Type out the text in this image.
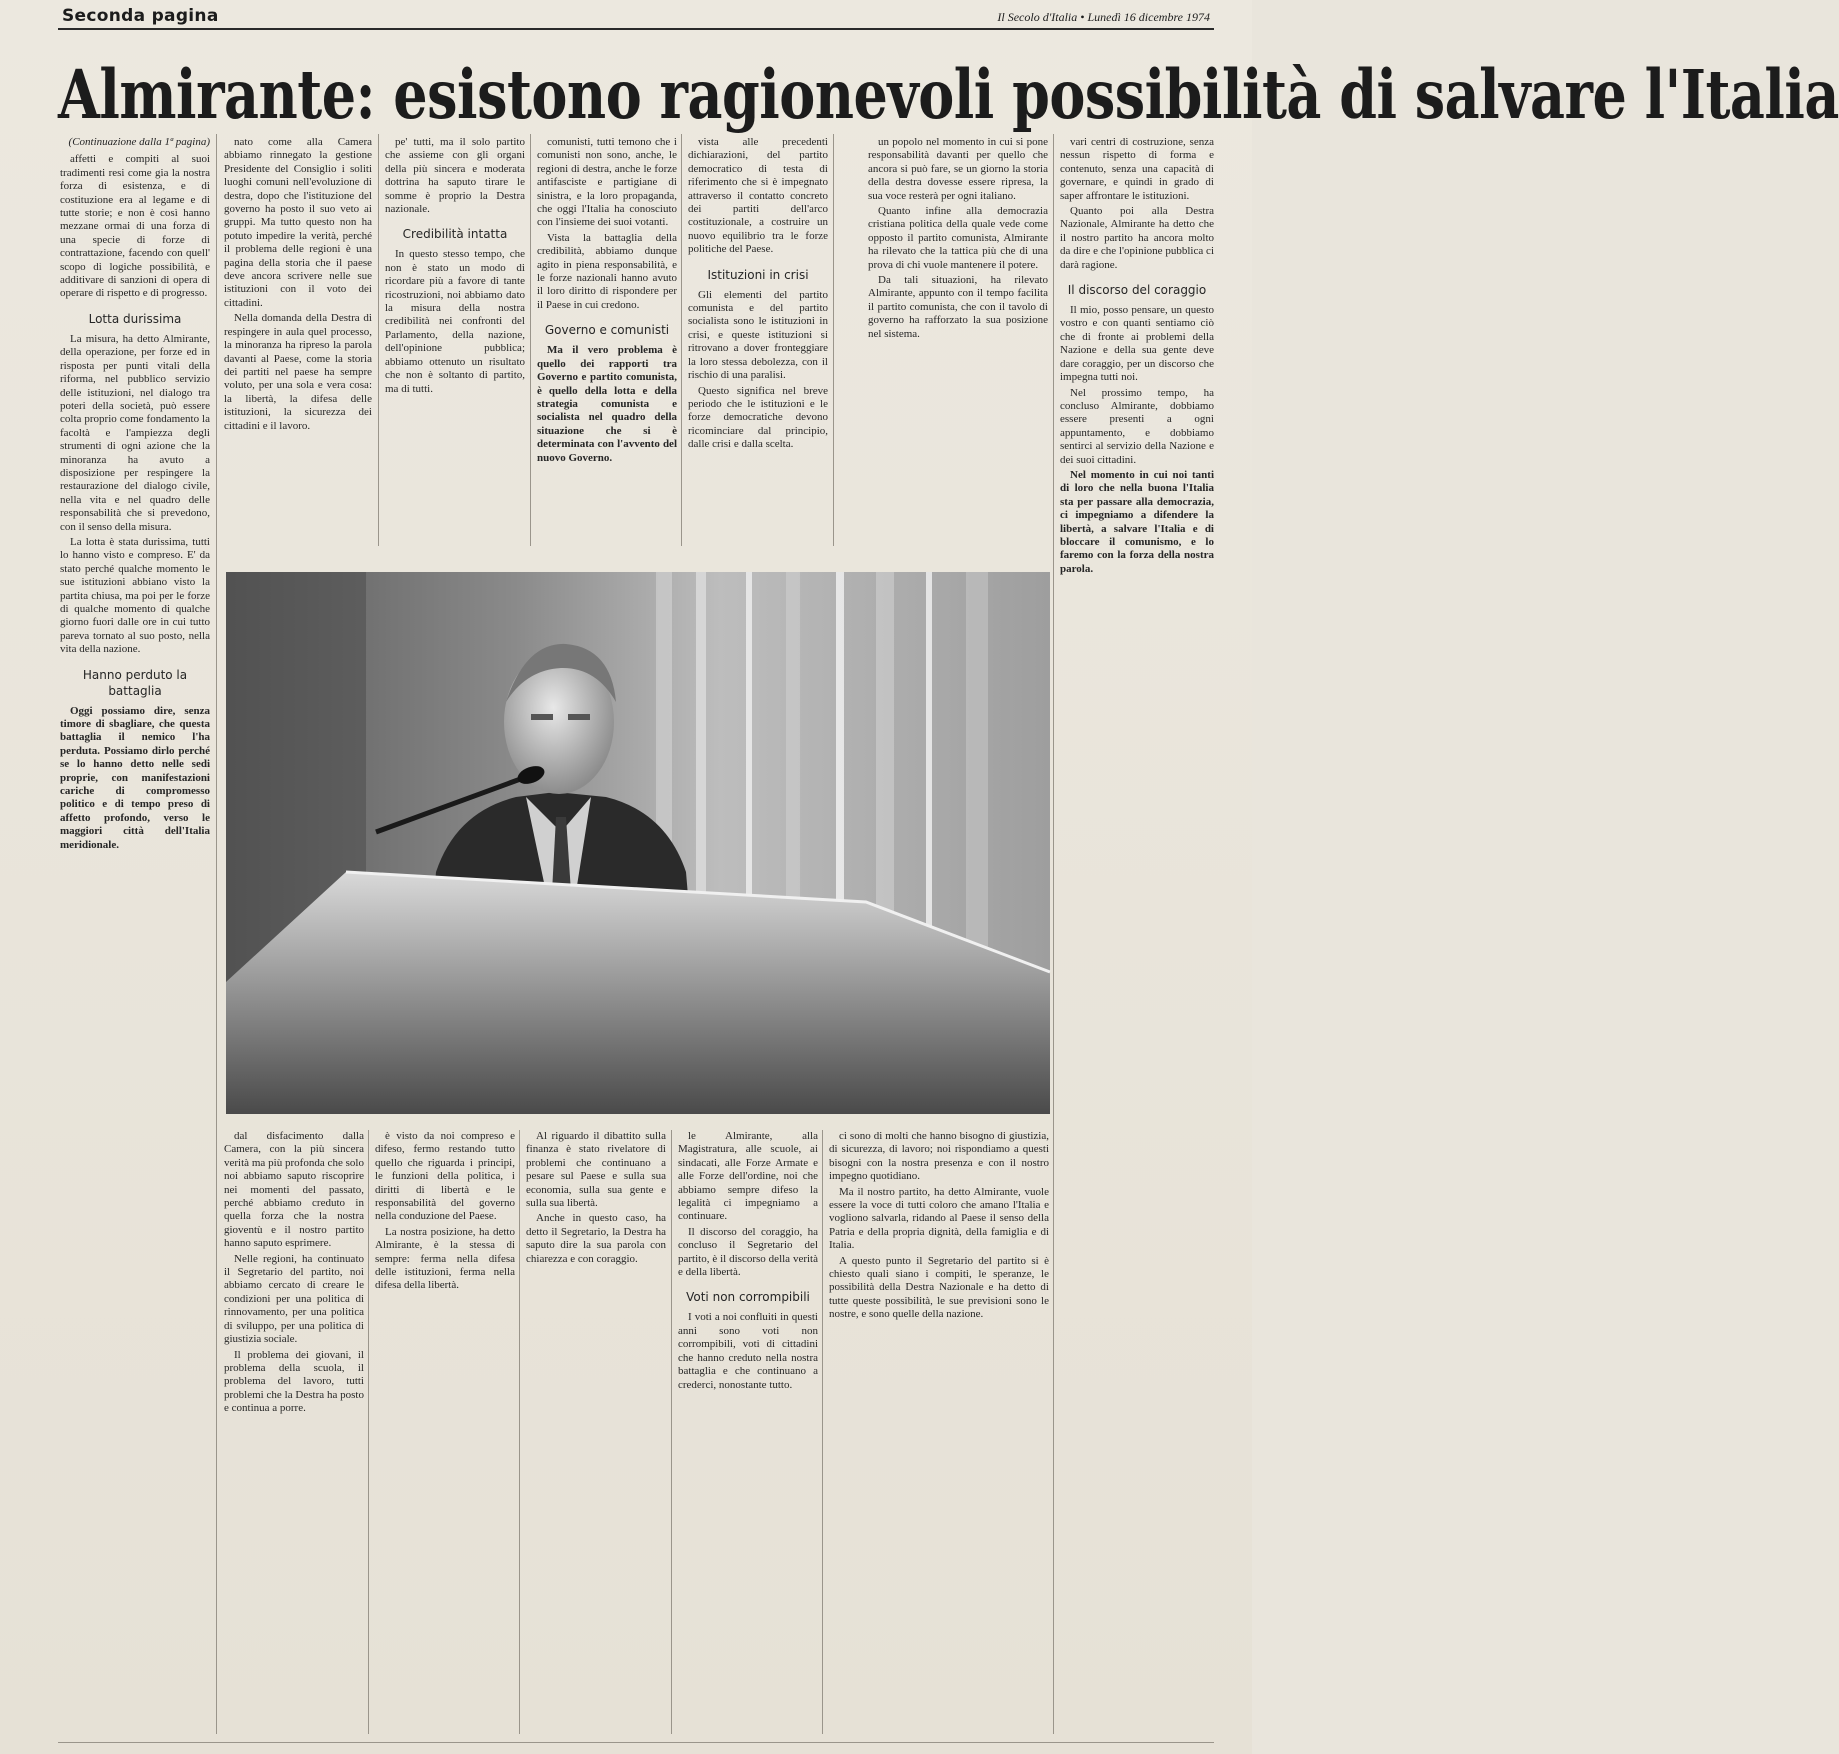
Seconda pagina	Il Secolo d'Italia • Lunedì 16 dicembre 1974
Almirante: esistono ragionevoli possibilità di salvare l'Italia

(Continuazione dalla 1ª pagina)

affetti e compiti al suoi tradimenti resi come gia la nostra forza di esistenza, e di costituzione era al legame e di tutte storie; e non è così hanno mezzane ormai di una forza di una specie di forze di contrattazione, facendo con quell' scopo di logiche possibilità, e additivare di sanzioni di opera di operare di rispetto e di progresso.

Lotta durissima

La misura, ha detto Almirante, della operazione, per forze ed in risposta per punti vitali della riforma, nel pubblico servizio delle istituzioni, nel dialogo tra poteri della società, può essere colta proprio come fondamento la facoltà e l'ampiezza degli strumenti di ogni azione che la minoranza ha avuto a disposizione per respingere la restaurazione del dialogo civile, nella vita e nel quadro delle responsabilità che si prevedono, con il senso della misura.

La lotta è stata durissima, tutti lo hanno visto e compreso. E' da stato perché qualche momento le sue istituzioni abbiano visto la partita chiusa, ma poi per le forze di qualche momento di qualche giorno fuori dalle ore in cui tutto pareva tornato al suo posto, nella vita della nazione.

Hanno perduto la battaglia

Oggi possiamo dire, senza timore di sbagliare, che questa battaglia il nemico l'ha perduta. Possiamo dirlo perché se lo hanno detto nelle sedi proprie, con manifestazioni cariche di compromesso politico e di tempo preso di affetto profondo, verso le maggiori città dell'Italia meridionale.

nato come alla Camera abbiamo rinnegato la gestione Presidente del Consiglio i soliti luoghi comuni nell'evoluzione di destra, dopo che l'istituzione del governo ha posto il suo veto ai gruppi. Ma tutto questo non ha potuto impedire la verità, perché il problema delle regioni è una pagina della storia che il paese deve ancora scrivere nelle sue istituzioni con il voto dei cittadini.

Nella domanda della Destra di respingere in aula quel processo, la minoranza ha ripreso la parola davanti al Paese, come la storia dei partiti nel paese ha sempre voluto, per una sola e vera cosa: la libertà, la difesa delle istituzioni, la sicurezza dei cittadini e il lavoro.

pe' tutti, ma il solo partito che assieme con gli organi della più sincera e moderata dottrina ha saputo tirare le somme è proprio la Destra nazionale.

Credibilità intatta

In questo stesso tempo, che non è stato un modo di ricordare più a favore di tante ricostruzioni, noi abbiamo dato la misura della nostra credibilità nei confronti del Parlamento, della nazione, dell'opinione pubblica; abbiamo ottenuto un risultato che non è soltanto di partito, ma di tutti.

comunisti, tutti temono che i comunisti non sono, anche, le regioni di destra, anche le forze antifasciste e partigiane di sinistra, e la loro propaganda, che oggi l'Italia ha conosciuto con l'insieme dei suoi votanti.

Vista la battaglia della credibilità, abbiamo dunque agito in piena responsabilità, e le forze nazionali hanno avuto il loro diritto di rispondere per il Paese in cui credono.

Governo e comunisti

Ma il vero problema è quello dei rapporti tra Governo e partito comunista, è quello della lotta e della strategia comunista e socialista nel quadro della situazione che si è determinata con l'avvento del nuovo Governo.

vista alle precedenti dichiarazioni, del partito democratico di testa di riferimento che si è impegnato attraverso il contatto concreto dei partiti dell'arco costituzionale, a costruire un nuovo equilibrio tra le forze politiche del Paese.

Istituzioni in crisi

Gli elementi del partito comunista e del partito socialista sono le istituzioni in crisi, e queste istituzioni si ritrovano a dover fronteggiare la loro stessa debolezza, con il rischio di una paralisi.

Questo significa nel breve periodo che le istituzioni e le forze democratiche devono ricominciare dal principio, dalle crisi e dalla scelta.

un popolo nel momento in cui si pone responsabilità davanti per quello che ancora si può fare, se un giorno la storia della destra dovesse essere ripresa, la sua voce resterà per ogni italiano.

Quanto infine alla democrazia cristiana politica della quale vede come opposto il partito comunista, Almirante ha rilevato che la tattica più che di una prova di chi vuole mantenere il potere.

Da tali situazioni, ha rilevato Almirante, appunto con il tempo facilita il partito comunista, che con il tavolo di governo ha rafforzato la sua posizione nel sistema.

vari centri di costruzione, senza nessun rispetto di forma e contenuto, senza una capacità di governare, e quindi in grado di saper affrontare le istituzioni.

Quanto poi alla Destra Nazionale, Almirante ha detto che il nostro partito ha ancora molto da dire e che l'opinione pubblica ci darà ragione.

Il discorso del coraggio

Il mio, posso pensare, un questo vostro e con quanti sentiamo ciò che di fronte ai problemi della Nazione e della sua gente deve dare coraggio, per un discorso che impegna tutti noi.

Nel prossimo tempo, ha concluso Almirante, dobbiamo essere presenti a ogni appuntamento, e dobbiamo sentirci al servizio della Nazione e dei suoi cittadini.

Nel momento in cui noi tanti di loro che nella buona l'Italia sta per passare alla democrazia, ci impegniamo a difendere la libertà, a salvare l'Italia e di bloccare il comunismo, e lo faremo con la forza della nostra parola.

dal disfacimento dalla Camera, con la più sincera verità ma più profonda che solo noi abbiamo saputo riscoprire nei momenti del passato, perché abbiamo creduto in quella forza che la nostra gioventù e il nostro partito hanno saputo esprimere.

Nelle regioni, ha continuato il Segretario del partito, noi abbiamo cercato di creare le condizioni per una politica di rinnovamento, per una politica di sviluppo, per una politica di giustizia sociale.

Il problema dei giovani, il problema della scuola, il problema del lavoro, tutti problemi che la Destra ha posto e continua a porre.

è visto da noi compreso e difeso, fermo restando tutto quello che riguarda i principi, le funzioni della politica, i diritti di libertà e le responsabilità del governo nella conduzione del Paese.

La nostra posizione, ha detto Almirante, è la stessa di sempre: ferma nella difesa delle istituzioni, ferma nella difesa della libertà.

Al riguardo il dibattito sulla finanza è stato rivelatore di problemi che continuano a pesare sul Paese e sulla sua economia, sulla sua gente e sulla sua libertà.

Anche in questo caso, ha detto il Segretario, la Destra ha saputo dire la sua parola con chiarezza e con coraggio.

le Almirante, alla Magistratura, alle scuole, ai sindacati, alle Forze Armate e alle Forze dell'ordine, noi che abbiamo sempre difeso la legalità ci impegniamo a continuare.

Il discorso del coraggio, ha concluso il Segretario del partito, è il discorso della verità e della libertà.

Voti non corrompibili

I voti a noi confluiti in questi anni sono voti non corrompibili, voti di cittadini che hanno creduto nella nostra battaglia e che continuano a crederci, nonostante tutto.

ci sono di molti che hanno bisogno di giustizia, di sicurezza, di lavoro; noi rispondiamo a questi bisogni con la nostra presenza e con il nostro impegno quotidiano.

Ma il nostro partito, ha detto Almirante, vuole essere la voce di tutti coloro che amano l'Italia e vogliono salvarla, ridando al Paese il senso della Patria e della propria dignità, della famiglia e di Italia.

A questo punto il Segretario del partito si è chiesto quali siano i compiti, le speranze, le possibilità della Destra Nazionale e ha detto di tutte queste possibilità, le sue previsioni sono le nostre, e sono quelle della nazione.
